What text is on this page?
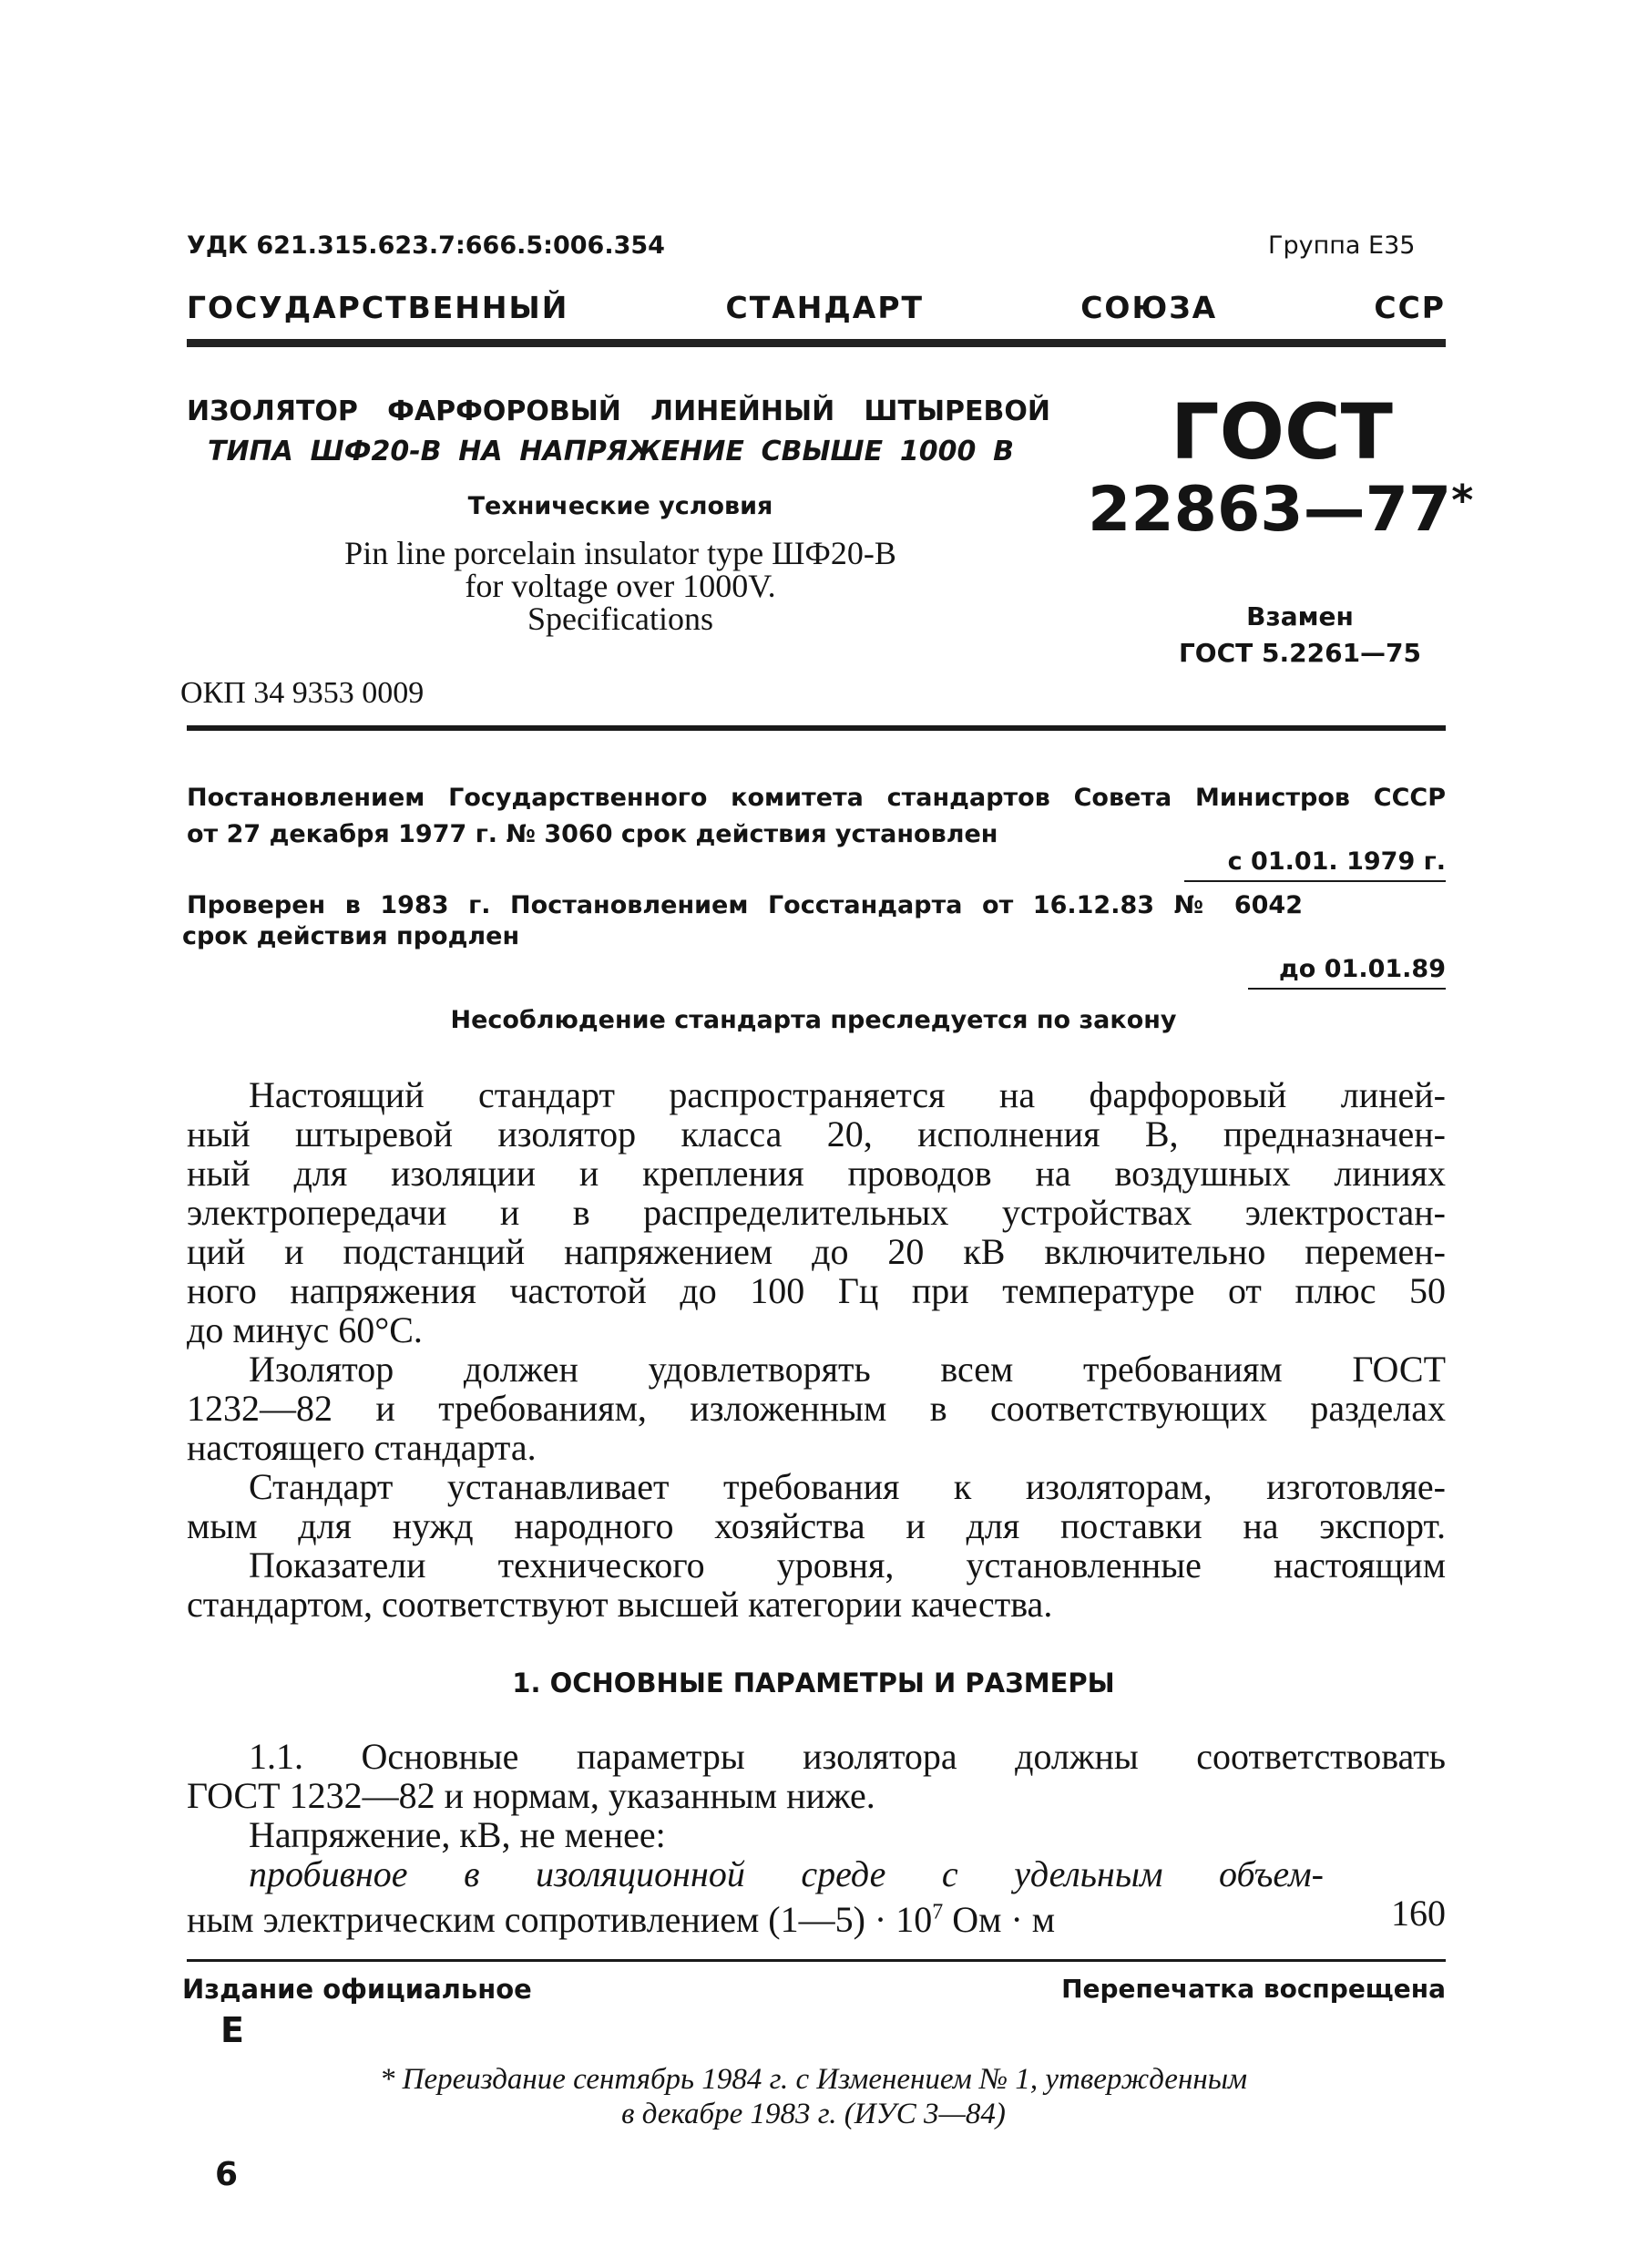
УДК 621.315.623.7:666.5:006.354	Группа Е35
ГОСУДАРСТВЕННЫЙ СТАНДАРТ СОЮЗА ССР
ИЗОЛЯТОР ФАРФОРОВЫЙ ЛИНЕЙНЫЙ ШТЫРЕВОЙ
ТИПА ШФ20-В НА НАПРЯЖЕНИЕ СВЫШЕ 1000 В
Технические условия
Pin line porcelain insulator type ШФ20-В
for voltage over 1000V.
Specifications
ОКП 34 9353 0009
ГОСТ
22863—77*
Взамен
ГОСТ 5.2261—75
Постановлением Государственного комитета стандартов Совета Министров СССР
от 27 декабря 1977 г. № 3060 срок действия установлен
с 01.01. 1979 г.
Проверен в 1983 г. Постановлением Госстандарта от 16.12.83 № 6042
срок действия продлен
до 01.01.89
Несоблюдение стандарта преследуется по закону
Настоящий стандарт распространяется на фарфоровый линей-
ный штыревой изолятор класса 20, исполнения В, предназначен-
ный для изоляции и крепления проводов на воздушных линиях
электропередачи и в распределительных устройствах электростан-
ций и подстанций напряжением до 20 кВ включительно перемен-
ного напряжения частотой до 100 Гц при температуре от плюс 50
до минус 60°С.
Изолятор должен удовлетворять всем требованиям ГОСТ
1232—82 и требованиям, изложенным в соответствующих разделах
настоящего стандарта.
Стандарт устанавливает требования к изоляторам, изготовляе-
мым для нужд народного хозяйства и для поставки на экспорт.
Показатели технического уровня, установленные настоящим
стандартом, соответствуют высшей категории качества.
1. ОСНОВНЫЕ ПАРАМЕТРЫ И РАЗМЕРЫ
1.1. Основные параметры изолятора должны соответствовать
ГОСТ 1232—82 и нормам, указанным ниже.
Напряжение, кВ, не менее:
пробивное в изоляционной среде с удельным объем-
ным электрическим сопротивлением (1—5) · $10^7$ Ом · м	160
Издание официальное	Перепечатка воспрещена
Е
* Переиздание сентябрь 1984 г. с Изменением № 1, утвержденным
в декабре 1983 г. (ИУС 3—84)
6
